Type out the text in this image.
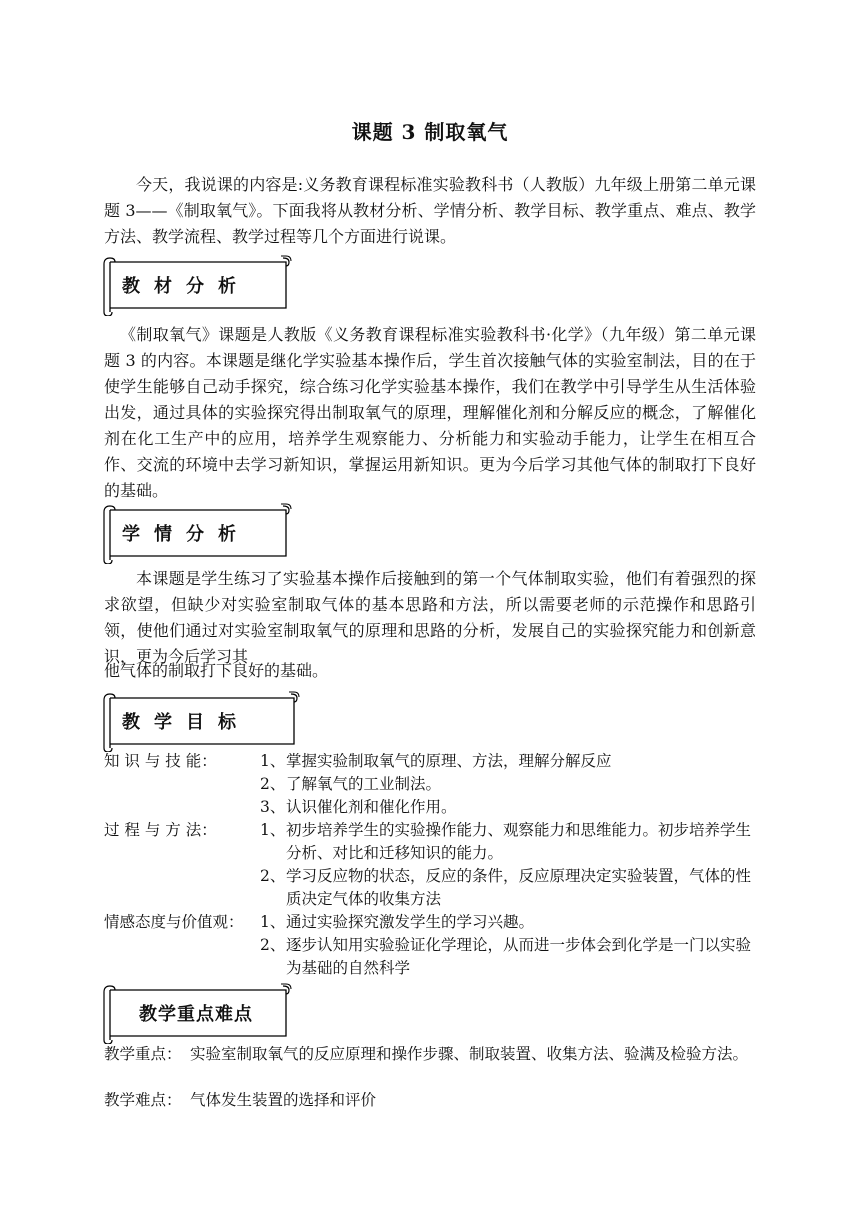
课题 3 制取氧气

今天，我说课的内容是:义务教育课程标准实验教科书（人教版）九年级上册第二单元课题 3——《制取氧气》。下面我将从教材分析、学情分析、教学目标、教学重点、难点、教学方法、教学流程、教学过程等几个方面进行说课。

教材分析

《制取氧气》课题是人教版《义务教育课程标准实验教科书·化学》（九年级）第二单元课题 3 的内容。本课题是继化学实验基本操作后，学生首次接触气体的实验室制法，目的在于使学生能够自己动手探究，综合练习化学实验基本操作，我们在教学中引导学生从生活体验出发，通过具体的实验探究得出制取氧气的原理，理解催化剂和分解反应的概念，了解催化剂在化工生产中的应用，培养学生观察能力、分析能力和实验动手能力，让学生在相互合作、交流的环境中去学习新知识，掌握运用新知识。更为今后学习其他气体的制取打下良好的基础。

学情分析

本课题是学生练习了实验基本操作后接触到的第一个气体制取实验，他们有着强烈的探求欲望，但缺少对实验室制取气体的基本思路和方法，所以需要老师的示范操作和思路引领，使他们通过对实验室制取氧气的原理和思路的分析，发展自己的实验探究能力和创新意识，更为今后学习其

他气体的制取打下良好的基础。

教学目标
知 识 与 技 能：	1、 掌握实验制取氧气的原理、方法，理解分解反应
2、 了解氧气的工业制法。
3、 认识催化剂和催化作用。
过 程 与 方 法：	1、 初步培养学生的实验操作能力、观察能力和思维能力。初步培养学生分析、对比和迁移知识的能力。
2、 学习反应物的状态，反应的条件，反应原理决定实验装置，气体的性质决定气体的收集方法
情感态度与价值观：	1、 通过实验探究激发学生的学习兴趣。
2、 逐步认知用实验验证化学理论，从而进一步体会到化学是一门以实验为基础的自然科学
教学重点难点
教学重点： 实验室制取氧气的反应原理和操作步骤、制取装置、收集方法、验满及检验方法。
教学难点： 气体发生装置的选择和评价
